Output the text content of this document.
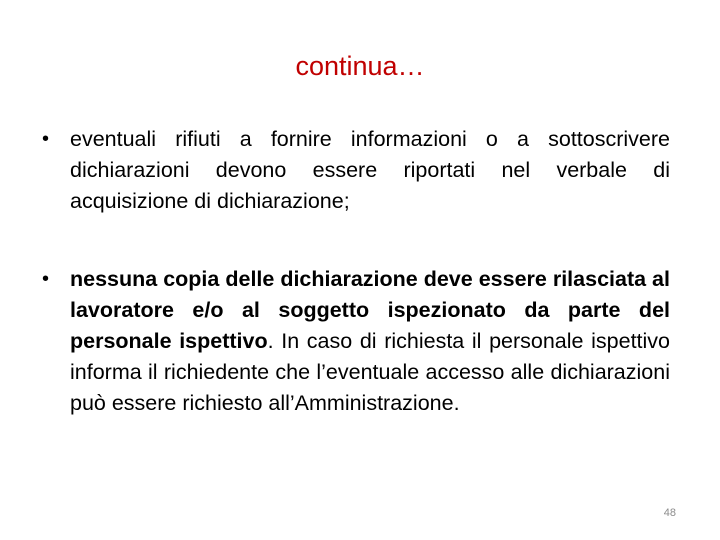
continua…
• eventuali rifiuti a fornire informazioni o a sottoscrivere dichiarazioni devono essere riportati nel verbale di acquisizione di dichiarazione;
• nessuna copia delle dichiarazione deve essere rilasciata al lavoratore e/o al soggetto ispezionato da parte del personale ispettivo. In caso di richiesta il personale ispettivo informa il richiedente che l’eventuale accesso alle dichiarazioni può essere richiesto all’Amministrazione.
48
